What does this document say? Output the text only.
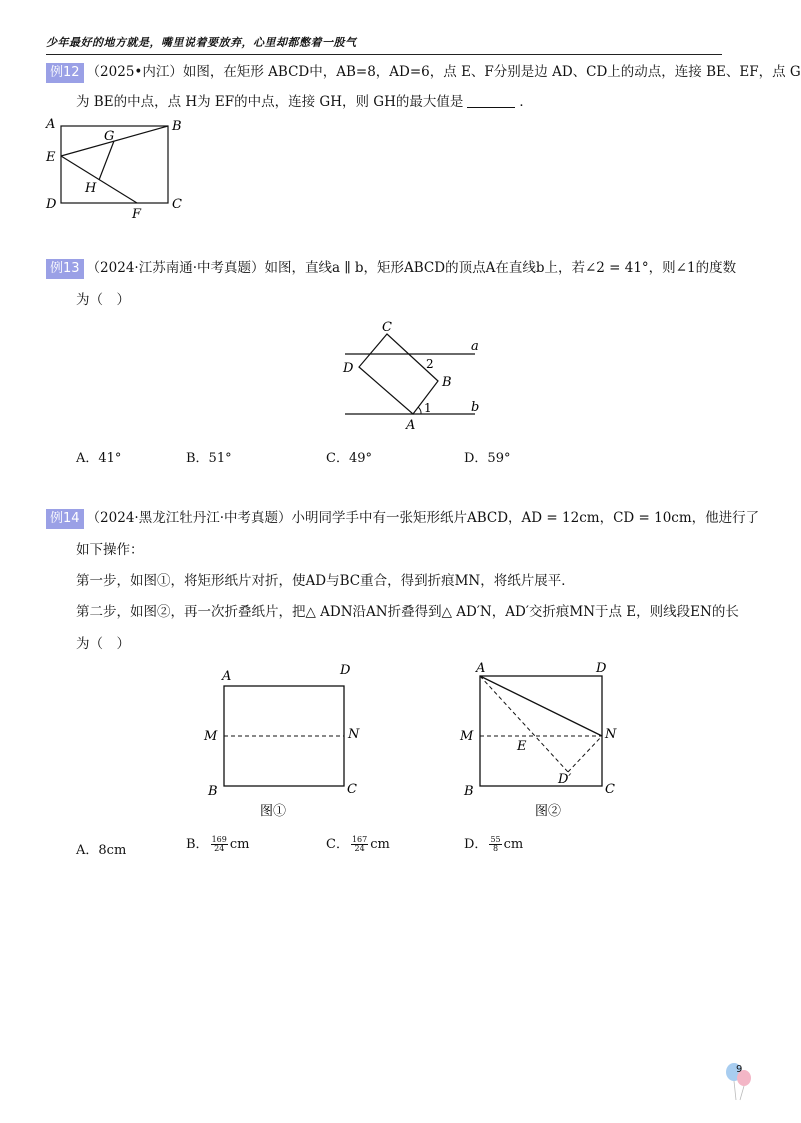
少年最好的地方就是，嘴里说着要放弃，心里却都憋着一股气
例12 （2025•内江）如图，在矩形 ABCD中，AB=8，AD=6，点 E、F分别是边 AD、CD上的动点，连接 BE、EF，点 G
为 BE的中点，点 H为 EF的中点，连接 GH，则 GH的最大值是	．
A	B
C
D
E
F
G
H
例13 （2024·江苏南通·中考真题）如图，直线a ∥ b，矩形ABCD的顶点A在直线b上，若∠2 = 41°，则∠1的度数
为（　）
C
D
B
A
a
b
1
2
A．41°	B．51°	C．49°	D．59°
例14 （2024·黑龙江牡丹江·中考真题）小明同学手中有一张矩形纸片ABCD，AD = 12cm，CD = 10cm，他进行了
如下操作：
第一步，如图①，将矩形纸片对折，使AD与BC重合，得到折痕MN，将纸片展平．
第二步，如图②，再一次折叠纸片，把△ ADN沿AN折叠得到△ AD′N，AD′交折痕MN于点 E，则线段EN的长
为（　）
A	D
M	N
B	C
图①
A	D
M	N
E
D′
B	C
图②
A．8cm	B． $\frac{169}{24}$ cm	C． $\frac{167}{24}$ cm	D． $\frac{55}{8}$ cm
9
